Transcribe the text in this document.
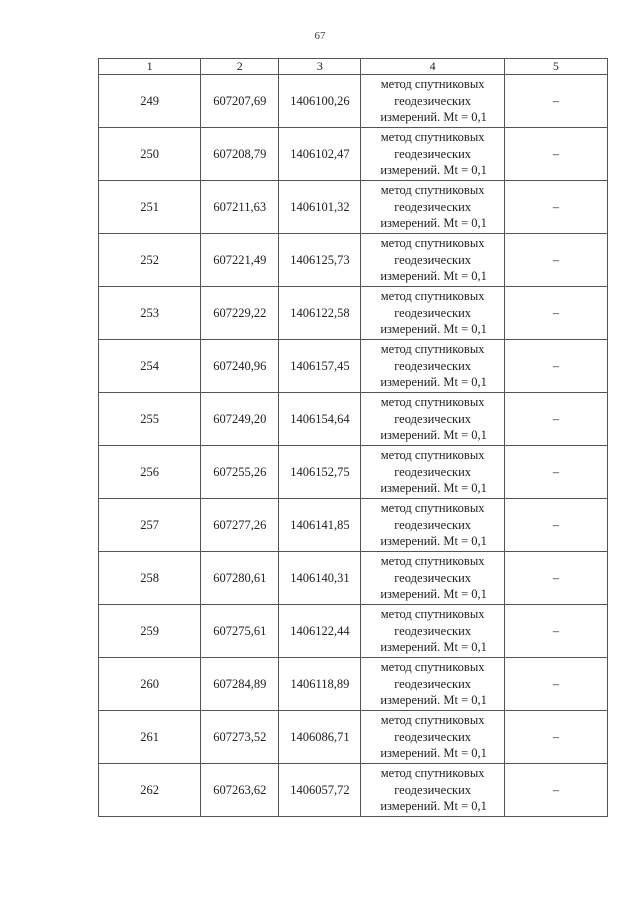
67
1	2	3	4	5
249	607207,69	1406100,26	метод спутниковых
геодезических
измерений. Mt = 0,1	–
250	607208,79	1406102,47	метод спутниковых
геодезических
измерений. Mt = 0,1	–
251	607211,63	1406101,32	метод спутниковых
геодезических
измерений. Mt = 0,1	–
252	607221,49	1406125,73	метод спутниковых
геодезических
измерений. Mt = 0,1	–
253	607229,22	1406122,58	метод спутниковых
геодезических
измерений. Mt = 0,1	–
254	607240,96	1406157,45	метод спутниковых
геодезических
измерений. Mt = 0,1	–
255	607249,20	1406154,64	метод спутниковых
геодезических
измерений. Mt = 0,1	–
256	607255,26	1406152,75	метод спутниковых
геодезических
измерений. Mt = 0,1	–
257	607277,26	1406141,85	метод спутниковых
геодезических
измерений. Mt = 0,1	–
258	607280,61	1406140,31	метод спутниковых
геодезических
измерений. Mt = 0,1	–
259	607275,61	1406122,44	метод спутниковых
геодезических
измерений. Mt = 0,1	–
260	607284,89	1406118,89	метод спутниковых
геодезических
измерений. Mt = 0,1	–
261	607273,52	1406086,71	метод спутниковых
геодезических
измерений. Mt = 0,1	–
262	607263,62	1406057,72	метод спутниковых
геодезических
измерений. Mt = 0,1	–
